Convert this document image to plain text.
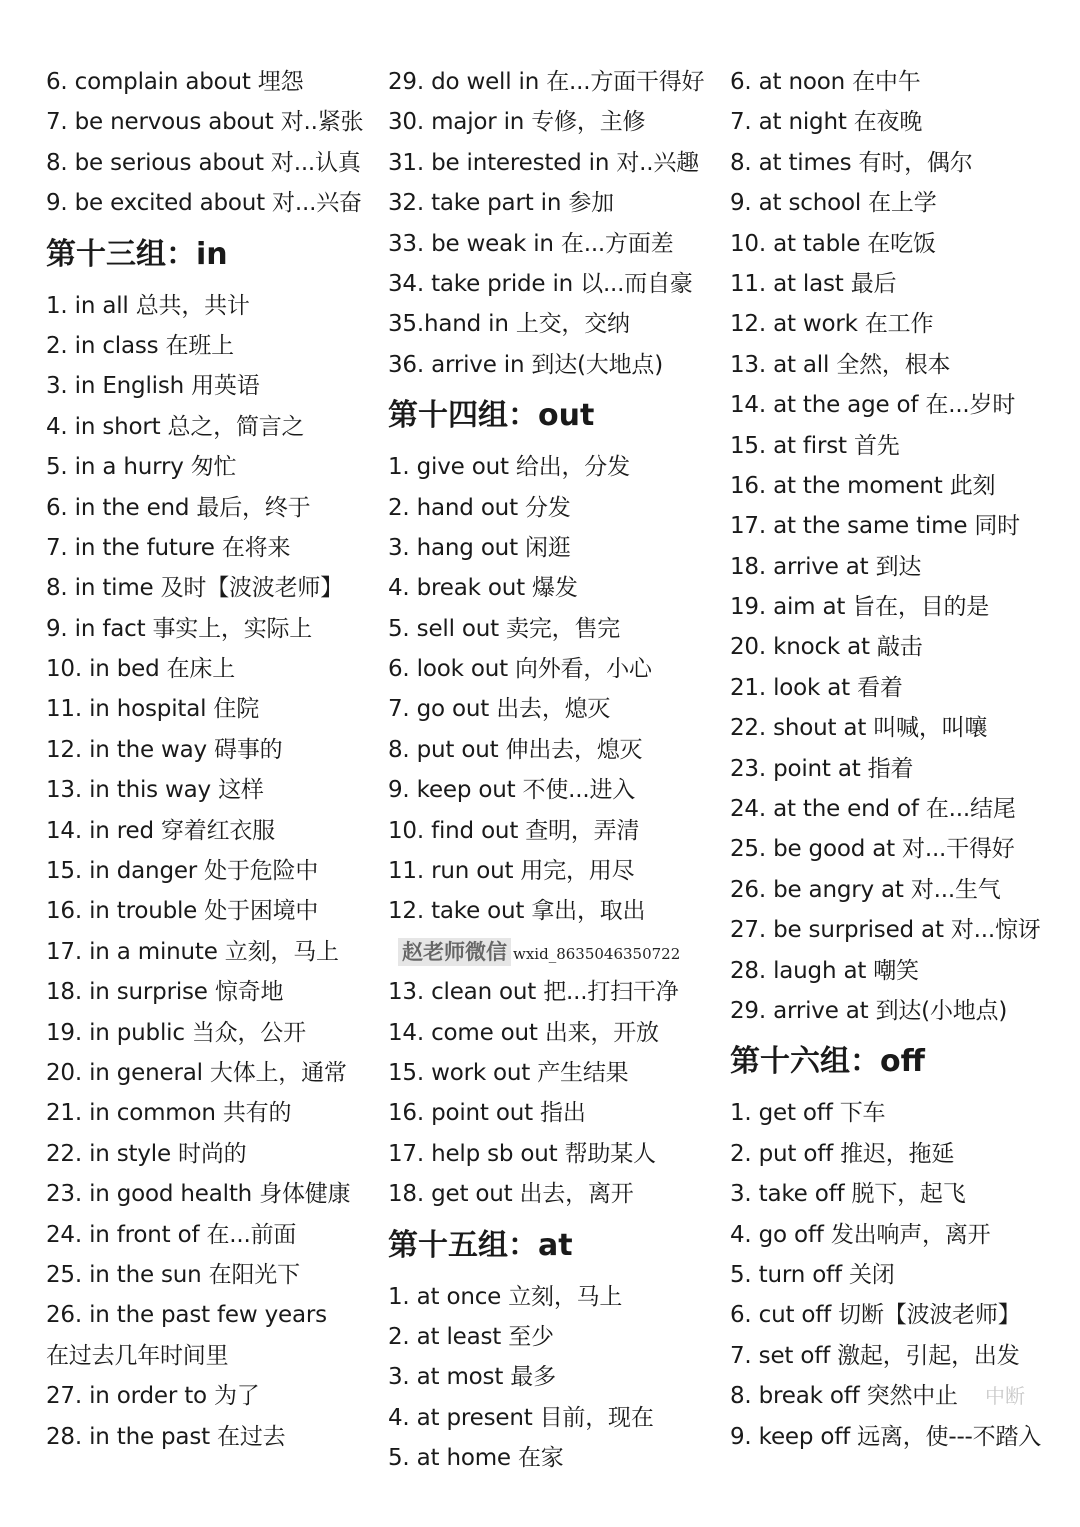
6. complain about 埋怨
7. be nervous about 对..紧张
8. be serious about 对...认真
9. be excited about 对...兴奋
第十三组：in
1. in all 总共，共计
2. in class 在班上
3. in English 用英语
4. in short 总之，简言之
5. in a hurry 匆忙
6. in the end 最后，终于
7. in the future 在将来
8. in time 及时【波波老师】
9. in fact 事实上，实际上
10. in bed 在床上
11. in hospital 住院
12. in the way 碍事的
13. in this way 这样
14. in red 穿着红衣服
15. in danger 处于危险中
16. in trouble 处于困境中
17. in a minute 立刻，马上
18. in surprise 惊奇地
19. in public 当众，公开
20. in general 大体上，通常
21. in common 共有的
22. in style 时尚的
23. in good health 身体健康
24. in front of 在...前面
25. in the sun 在阳光下
26. in the past few years
在过去几年时间里
27. in order to 为了
28. in the past 在过去
29. do well in 在...方面干得好
30. major in 专修，主修
31. be interested in 对..兴趣
32. take part in 参加
33. be weak in 在...方面差
34. take pride in 以...而自豪
35.hand in 上交，交纳
36. arrive in 到达(大地点)
第十四组：out
1. give out 给出，分发
2. hand out 分发
3. hang out 闲逛
4. break out 爆发
5. sell out 卖完，售完
6. look out 向外看，小心
7. go out 出去，熄灭
8. put out 伸出去，熄灭
9. keep out 不使...进入
10. find out 查明，弄清
11. run out 用完，用尽
12. take out 拿出，取出
赵老师微信 wxid_8635046350722
13. clean out 把...打扫干净
14. come out 出来，开放
15. work out 产生结果
16. point out 指出
17. help sb out 帮助某人
18. get out 出去，离开
第十五组：at
1. at once 立刻，马上
2. at least 至少
3. at most 最多
4. at present 目前，现在
5. at home 在家
6. at noon 在中午
7. at night 在夜晚
8. at times 有时，偶尔
9. at school 在上学
10. at table 在吃饭
11. at last 最后
12. at work 在工作
13. at all 全然，根本
14. at the age of 在...岁时
15. at first 首先
16. at the moment 此刻
17. at the same time 同时
18. arrive at 到达
19. aim at 旨在，目的是
20. knock at 敲击
21. look at 看着
22. shout at 叫喊，叫嚷
23. point at 指着
24. at the end of 在...结尾
25. be good at 对...干得好
26. be angry at 对...生气
27. be surprised at 对...惊讶
28. laugh at 嘲笑
29. arrive at 到达(小地点)
第十六组：off
1. get off 下车
2. put off 推迟，拖延
3. take off 脱下，起飞
4. go off 发出响声，离开
5. turn off 关闭
6. cut off 切断【波波老师】
7. set off 激起，引起，出发
8. break off 突然中止
9. keep off 远离，使---不踏入
中断
